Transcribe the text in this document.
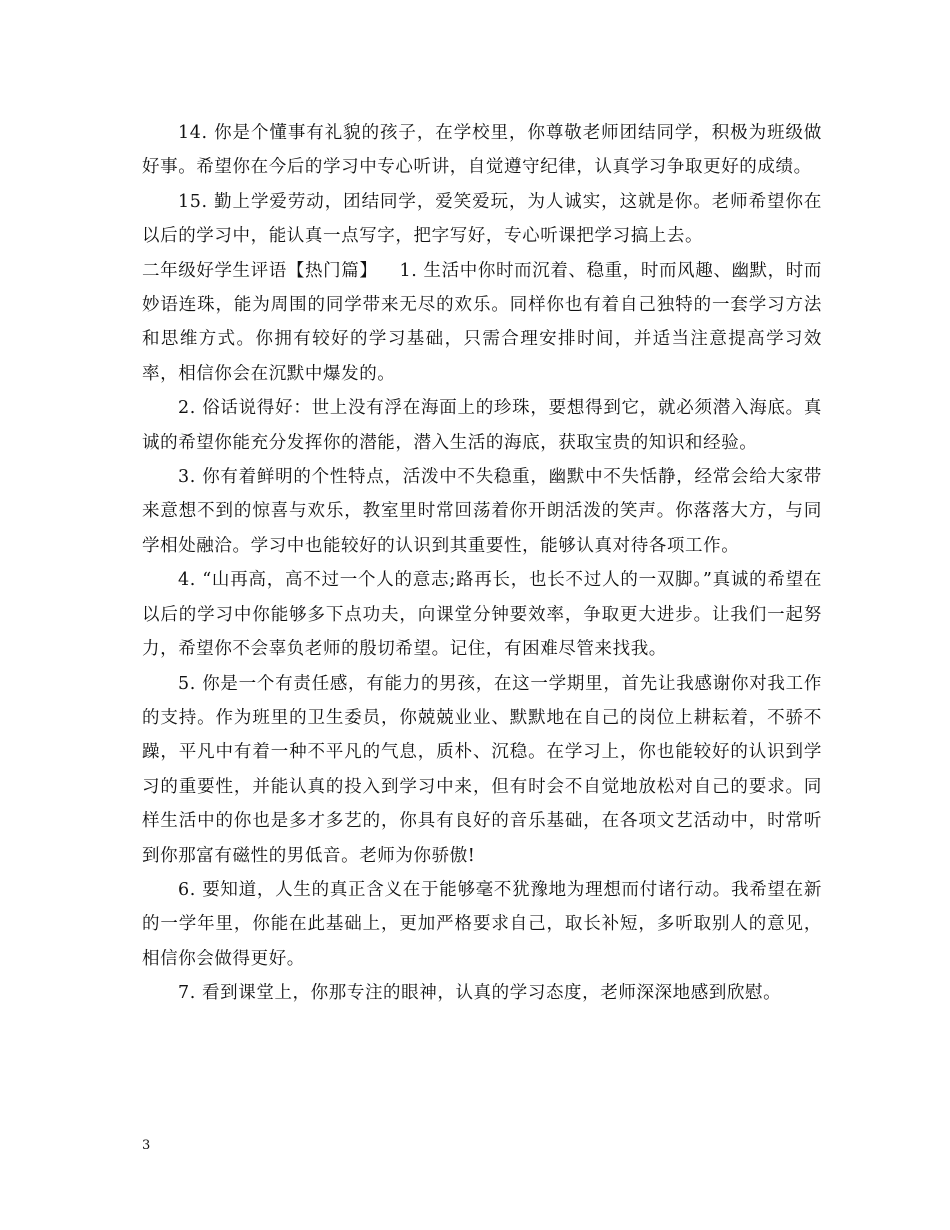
14. 你是个懂事有礼貌的孩子，在学校里，你尊敬老师团结同学，积极为班级做好事。希望你在今后的学习中专心听讲，自觉遵守纪律，认真学习争取更好的成绩。

15. 勤上学爱劳动，团结同学，爱笑爱玩，为人诚实，这就是你。老师希望你在以后的学习中，能认真一点写字，把字写好，专心听课把学习搞上去。

二年级好学生评语【热门篇】 1. 生活中你时而沉着、稳重，时而风趣、幽默，时而妙语连珠，能为周围的同学带来无尽的欢乐。同样你也有着自己独特的一套学习方法和思维方式。你拥有较好的学习基础，只需合理安排时间，并适当注意提高学习效率，相信你会在沉默中爆发的。

2. 俗话说得好：世上没有浮在海面上的珍珠，要想得到它，就必须潜入海底。真诚的希望你能充分发挥你的潜能，潜入生活的海底，获取宝贵的知识和经验。

3. 你有着鲜明的个性特点，活泼中不失稳重，幽默中不失恬静，经常会给大家带来意想不到的惊喜与欢乐，教室里时常回荡着你开朗活泼的笑声。你落落大方，与同学相处融洽。学习中也能较好的认识到其重要性，能够认真对待各项工作。

4. “山再高，高不过一个人的意志;路再长，也长不过人的一双脚。”真诚的希望在以后的学习中你能够多下点功夫，向课堂分钟要效率，争取更大进步。让我们一起努力，希望你不会辜负老师的殷切希望。记住，有困难尽管来找我。

5. 你是一个有责任感，有能力的男孩，在这一学期里，首先让我感谢你对我工作的支持。作为班里的卫生委员，你兢兢业业、默默地在自己的岗位上耕耘着，不骄不躁，平凡中有着一种不平凡的气息，质朴、沉稳。在学习上，你也能较好的认识到学习的重要性，并能认真的投入到学习中来，但有时会不自觉地放松对自己的要求。同样生活中的你也是多才多艺的，你具有良好的音乐基础，在各项文艺活动中，时常听到你那富有磁性的男低音。老师为你骄傲!

6. 要知道，人生的真正含义在于能够毫不犹豫地为理想而付诸行动。我希望在新的一学年里，你能在此基础上，更加严格要求自己，取长补短，多听取别人的意见，相信你会做得更好。

7. 看到课堂上，你那专注的眼神，认真的学习态度，老师深深地感到欣慰。

3
